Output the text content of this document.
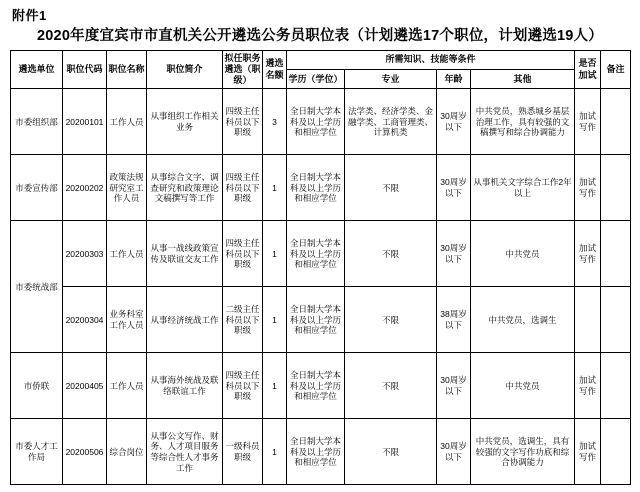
附件1
2020年度宜宾市市直机关公开遴选公务员职位表（计划遴选17个职位，计划遴选19人）
遴选单位	职位代码	职位名称	职位简介	拟任职务遴选（职级）	遴选名额	所需知识、技能等条件				是否加试	备注
						学历（学位）	专业	年龄	其他		
市委组织部	20200101	工作人员	从事组织工作相关业务	四级主任科员以下职级	3	全日制大学本科及以上学历和相应学位	法学类、经济学类、金融学类、工商管理类、计算机类	30周岁以下	中共党员，熟悉城乡基层治理工作，具有较强的文稿撰写和综合协调能力	加试写作	
市委宣传部	20200202	政策法规研究室工作人员	从事综合文字、调查研究和政策理论文稿撰写等工作	四级主任科员以下职级	1	全日制大学本科及以上学历和相应学位	不限	30周岁以下	从事机关文字综合工作2年以上	加试写作	
市委统战部	20200303	工作人员	从事一战线政策宣传及联谊交友工作	四级主任科员以下职级	1	全日制大学本科及以上学历和相应学位	不限	30周岁以下	中共党员	加试写作	
	20200304	业务科室工作人员	从事经济统战工作	二级主任科员以下职级	1	全日制大学本科及以上学历和相应学位	不限	38周岁以下	中共党员，选调生		
市侨联	20200405	工作人员	从事海外统战及联络联谊工作	四级主任科员以下职级	1	全日制大学本科及以上学历和相应学位	不限	30周岁以下	中共党员	加试写作	
市委人才工作局	20200506	综合岗位	从事公文写作、财务、人才项目服务等综合性人才事务工作	一级科员职级	1	全日制大学本科及以上学历和相应学位	不限	30周岁以下	中共党员，选调生，具有较强的文字写作功底和综合协调能力	加试写作	
